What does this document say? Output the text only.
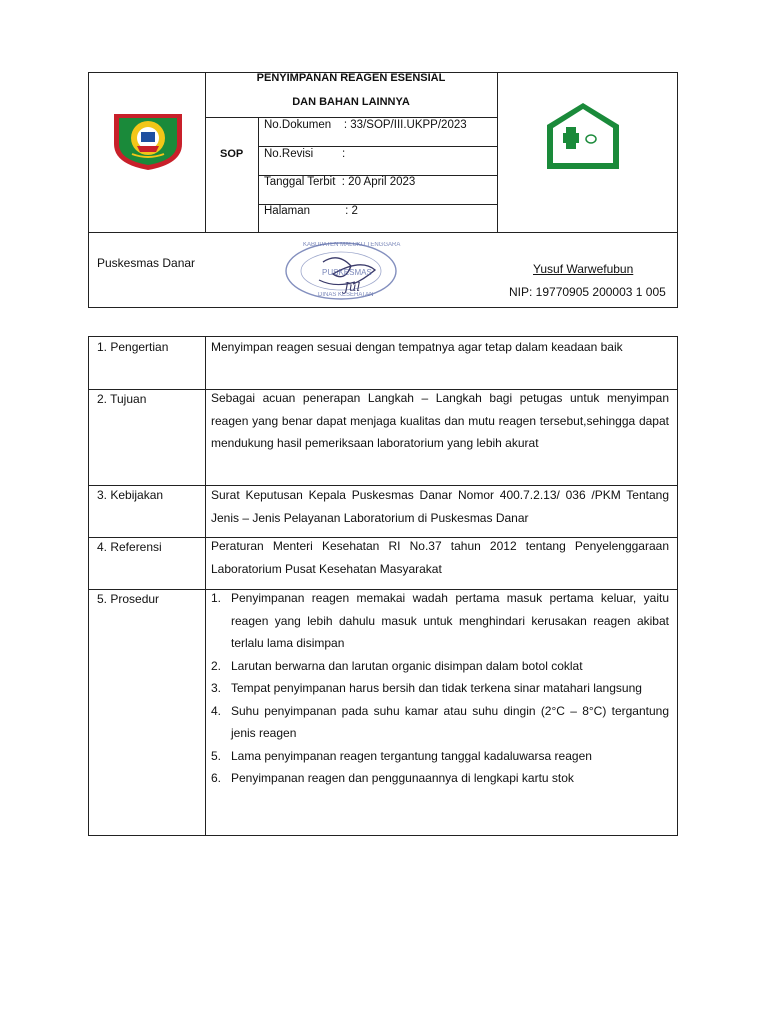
PENYIMPANAN REAGEN ESENSIAL
DAN BAHAN LAINNYA
SOP
No.Dokumen    : 33/SOP/III.UKPP/2023
No.Revisi         :
Tanggal Terbit  : 20 April 2023
Halaman           : 2
Puskesmas Danar
PUSKESMAS
KABUPATEN MALUKU TENGGARA
DINAS KESEHATAN
Jul
Yusuf Warwefubun
NIP: 19770905 200003 1 005
1. Pengertian	Menyimpan reagen sesuai dengan tempatnya agar tetap dalam keadaan baik
2. Tujuan	Sebagai acuan penerapan Langkah – Langkah bagi petugas untuk menyimpan reagen yang benar dapat menjaga kualitas dan mutu reagen tersebut,sehingga dapat mendukung hasil pemeriksaan laboratorium yang lebih akurat
3. Kebijakan	Surat Keputusan Kepala Puskesmas Danar Nomor 400.7.2.13/ 036 /PKM Tentang Jenis – Jenis Pelayanan Laboratorium di Puskesmas Danar
4. Referensi	Peraturan Menteri Kesehatan RI No.37 tahun 2012 tentang Penyelenggaraan Laboratorium Pusat Kesehatan Masyarakat
5. Prosedur	1. Penyimpanan reagen memakai wadah pertama masuk pertama keluar, yaitu reagen yang lebih dahulu masuk untuk menghindari kerusakan reagen akibat terlalu lama disimpan
2. Larutan berwarna dan larutan organic disimpan dalam botol coklat
3. Tempat penyimpanan harus bersih dan tidak terkena sinar matahari langsung
4. Suhu penyimpanan pada suhu kamar atau suhu dingin (2°C – 8°C) tergantung jenis reagen
5. Lama penyimpanan reagen tergantung tanggal kadaluwarsa reagen
6. Penyimpanan reagen dan penggunaannya di lengkapi kartu stok
